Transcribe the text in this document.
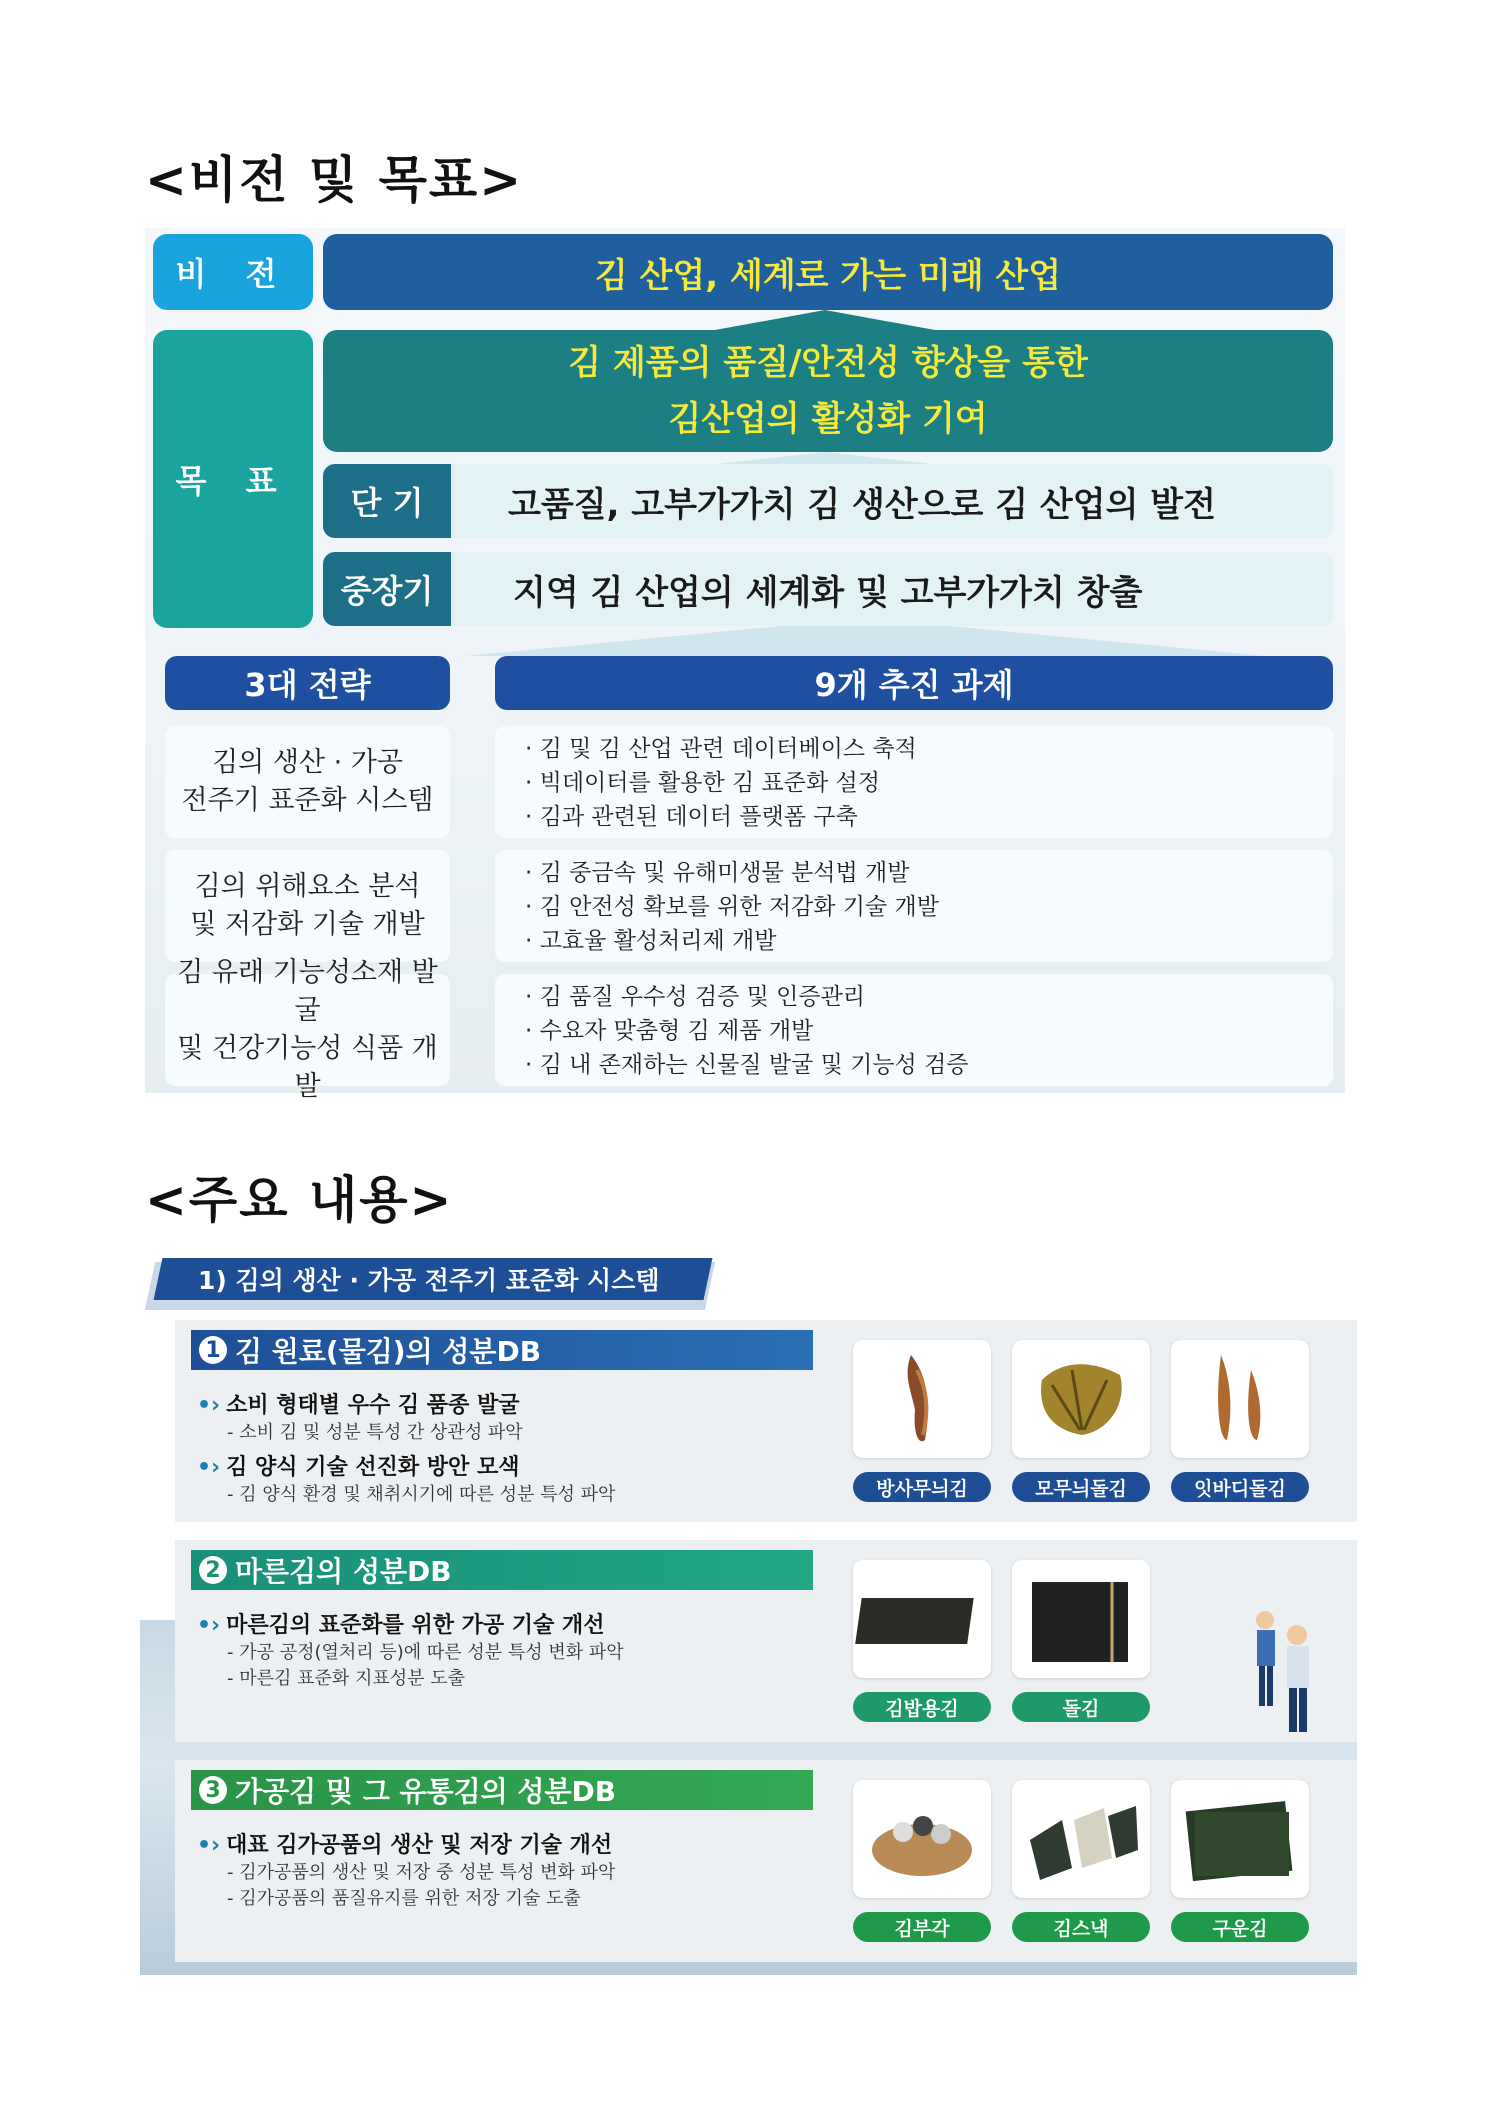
<비전 및 목표>
비 전	김 산업, 세계로 가는 미래 산업
목 표
김 제품의 품질/안전성 향상을 통한
김산업의 활성화 기여
단 기	고품질, 고부가가치 김 생산으로 김 산업의 발전
중장기	지역 김 산업의 세계화 및 고부가가치 창출
3대 전략	9개 추진 과제
김의 생산 · 가공
전주기 표준화 시스템
· 김 및 김 산업 관련 데이터베이스 축적
· 빅데이터를 활용한 김 표준화 설정
· 김과 관련된 데이터 플랫폼 구축
김의 위해요소 분석
및 저감화 기술 개발
· 김 중금속 및 유해미생물 분석법 개발
· 김 안전성 확보를 위한 저감화 기술 개발
· 고효율 활성처리제 개발
김 유래 기능성소재 발굴
및 건강기능성 식품 개발
· 김 품질 우수성 검증 및 인증관리
· 수요자 맞춤형 김 제품 개발
· 김 내 존재하는 신물질 발굴 및 기능성 검증
<주요 내용>
1) 김의 생산 · 가공 전주기 표준화 시스템
1 김 원료(물김)의 성분DB
•› 소비 형태별 우수 김 품종 발굴
- 소비 김 및 성분 특성 간 상관성 파악
•› 김 양식 기술 선진화 방안 모색
- 김 양식 환경 및 채취시기에 따른 성분 특성 파악	방사무늬김	모무늬돌김	잇바디돌김
2 마른김의 성분DB
•› 마른김의 표준화를 위한 가공 기술 개선
- 가공 공정(열처리 등)에 따른 성분 특성 변화 파악
- 마른김 표준화 지표성분 도출
김밥용김	돌김
3 가공김 및 그 유통김의 성분DB
•› 대표 김가공품의 생산 및 저장 기술 개선
- 김가공품의 생산 및 저장 중 성분 특성 변화 파악
- 김가공품의 품질유지를 위한 저장 기술 도출
김부각	김스낵	구운김
